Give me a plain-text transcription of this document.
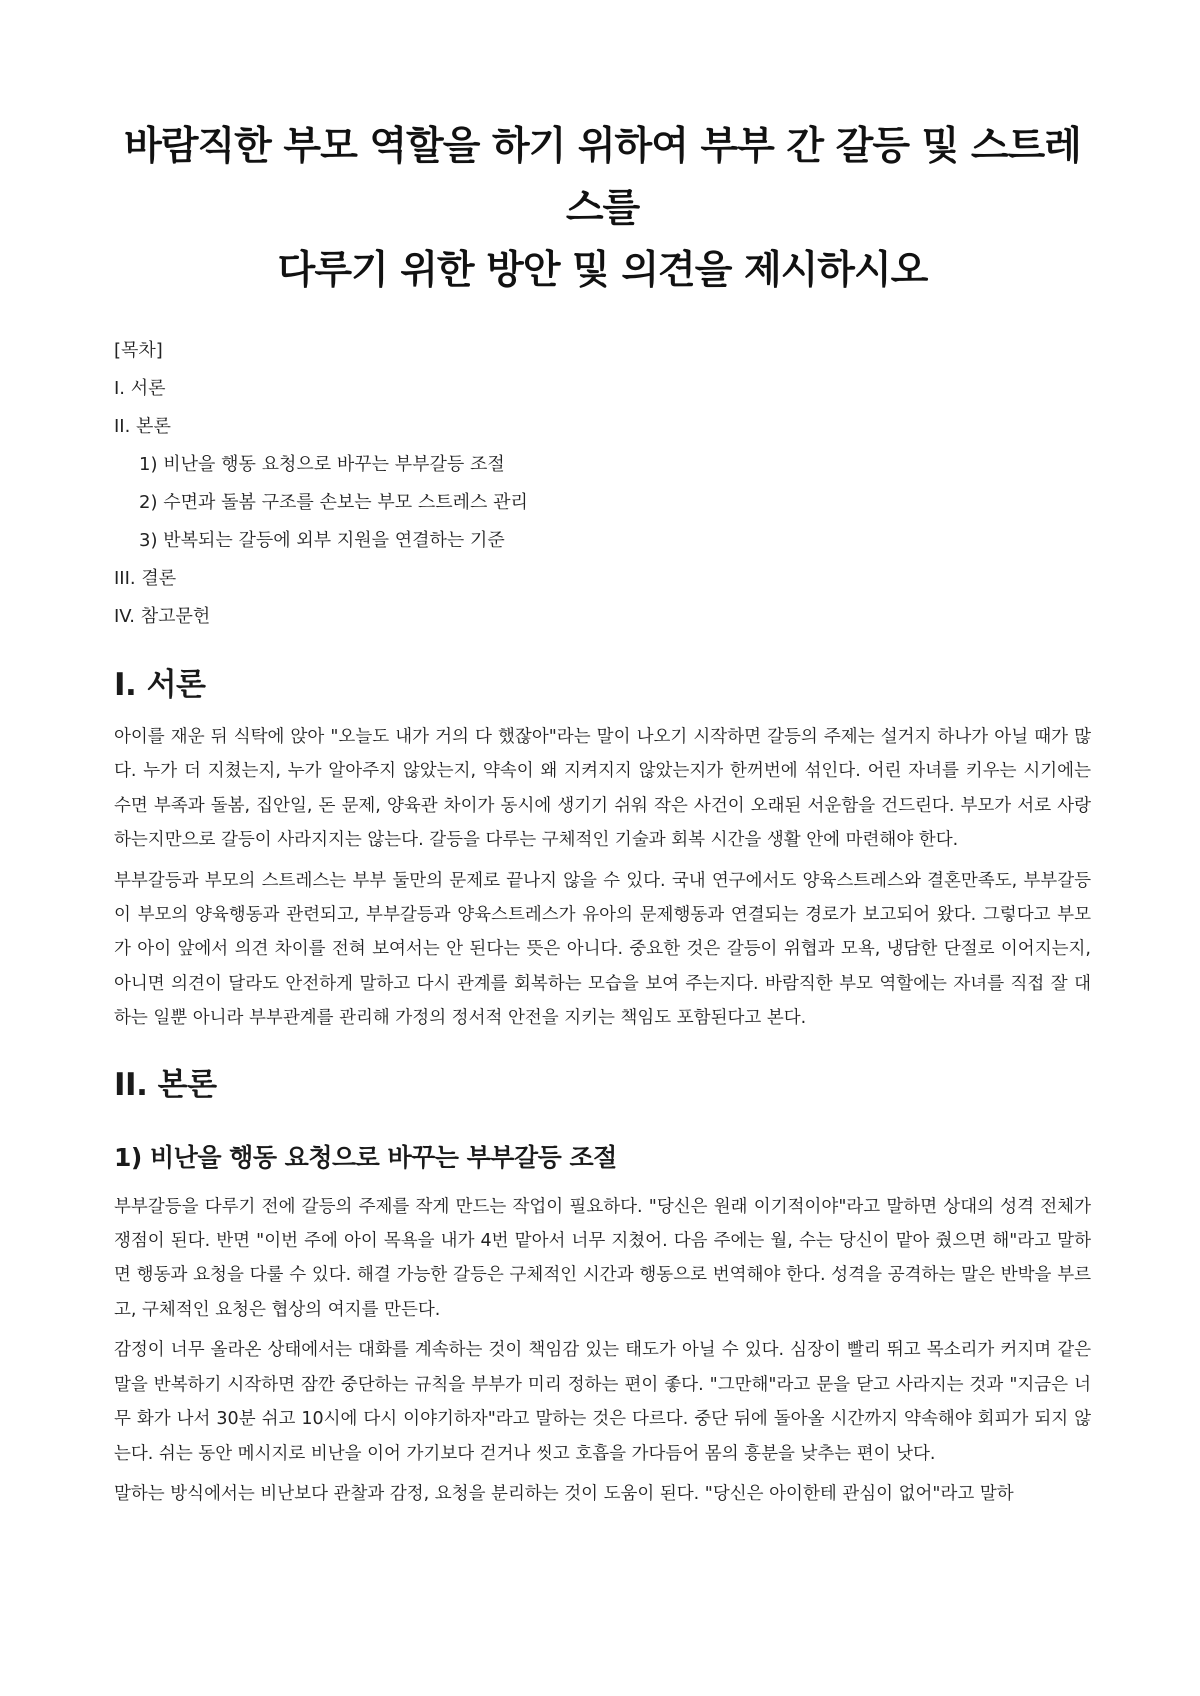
바람직한 부모 역할을 하기 위하여 부부 간 갈등 및 스트레스를
다루기 위한 방안 및 의견을 제시하시오
[목차]
I. 서론
II. 본론
1) 비난을 행동 요청으로 바꾸는 부부갈등 조절
2) 수면과 돌봄 구조를 손보는 부모 스트레스 관리
3) 반복되는 갈등에 외부 지원을 연결하는 기준
III. 결론
IV. 참고문헌
I. 서론

아이를 재운 뒤 식탁에 앉아 "오늘도 내가 거의 다 했잖아"라는 말이 나오기 시작하면 갈등의 주제는 설거지 하나가 아닐 때가 많다. 누가 더 지쳤는지, 누가 알아주지 않았는지, 약속이 왜 지켜지지 않았는지가 한꺼번에 섞인다. 어린 자녀를 키우는 시기에는 수면 부족과 돌봄, 집안일, 돈 문제, 양육관 차이가 동시에 생기기 쉬워 작은 사건이 오래된 서운함을 건드린다. 부모가 서로 사랑하는지만으로 갈등이 사라지지는 않는다. 갈등을 다루는 구체적인 기술과 회복 시간을 생활 안에 마련해야 한다.

부부갈등과 부모의 스트레스는 부부 둘만의 문제로 끝나지 않을 수 있다. 국내 연구에서도 양육스트레스와 결혼만족도, 부부갈등이 부모의 양육행동과 관련되고, 부부갈등과 양육스트레스가 유아의 문제행동과 연결되는 경로가 보고되어 왔다. 그렇다고 부모가 아이 앞에서 의견 차이를 전혀 보여서는 안 된다는 뜻은 아니다. 중요한 것은 갈등이 위협과 모욕, 냉담한 단절로 이어지는지, 아니면 의견이 달라도 안전하게 말하고 다시 관계를 회복하는 모습을 보여 주는지다. 바람직한 부모 역할에는 자녀를 직접 잘 대하는 일뿐 아니라 부부관계를 관리해 가정의 정서적 안전을 지키는 책임도 포함된다고 본다.

II. 본론
1) 비난을 행동 요청으로 바꾸는 부부갈등 조절

부부갈등을 다루기 전에 갈등의 주제를 작게 만드는 작업이 필요하다. "당신은 원래 이기적이야"라고 말하면 상대의 성격 전체가 쟁점이 된다. 반면 "이번 주에 아이 목욕을 내가 4번 맡아서 너무 지쳤어. 다음 주에는 월, 수는 당신이 맡아 줬으면 해"라고 말하면 행동과 요청을 다룰 수 있다. 해결 가능한 갈등은 구체적인 시간과 행동으로 번역해야 한다. 성격을 공격하는 말은 반박을 부르고, 구체적인 요청은 협상의 여지를 만든다.

감정이 너무 올라온 상태에서는 대화를 계속하는 것이 책임감 있는 태도가 아닐 수 있다. 심장이 빨리 뛰고 목소리가 커지며 같은 말을 반복하기 시작하면 잠깐 중단하는 규칙을 부부가 미리 정하는 편이 좋다. "그만해"라고 문을 닫고 사라지는 것과 "지금은 너무 화가 나서 30분 쉬고 10시에 다시 이야기하자"라고 말하는 것은 다르다. 중단 뒤에 돌아올 시간까지 약속해야 회피가 되지 않는다. 쉬는 동안 메시지로 비난을 이어 가기보다 걷거나 씻고 호흡을 가다듬어 몸의 흥분을 낮추는 편이 낫다.

말하는 방식에서는 비난보다 관찰과 감정, 요청을 분리하는 것이 도움이 된다. "당신은 아이한테 관심이 없어"라고 말하
